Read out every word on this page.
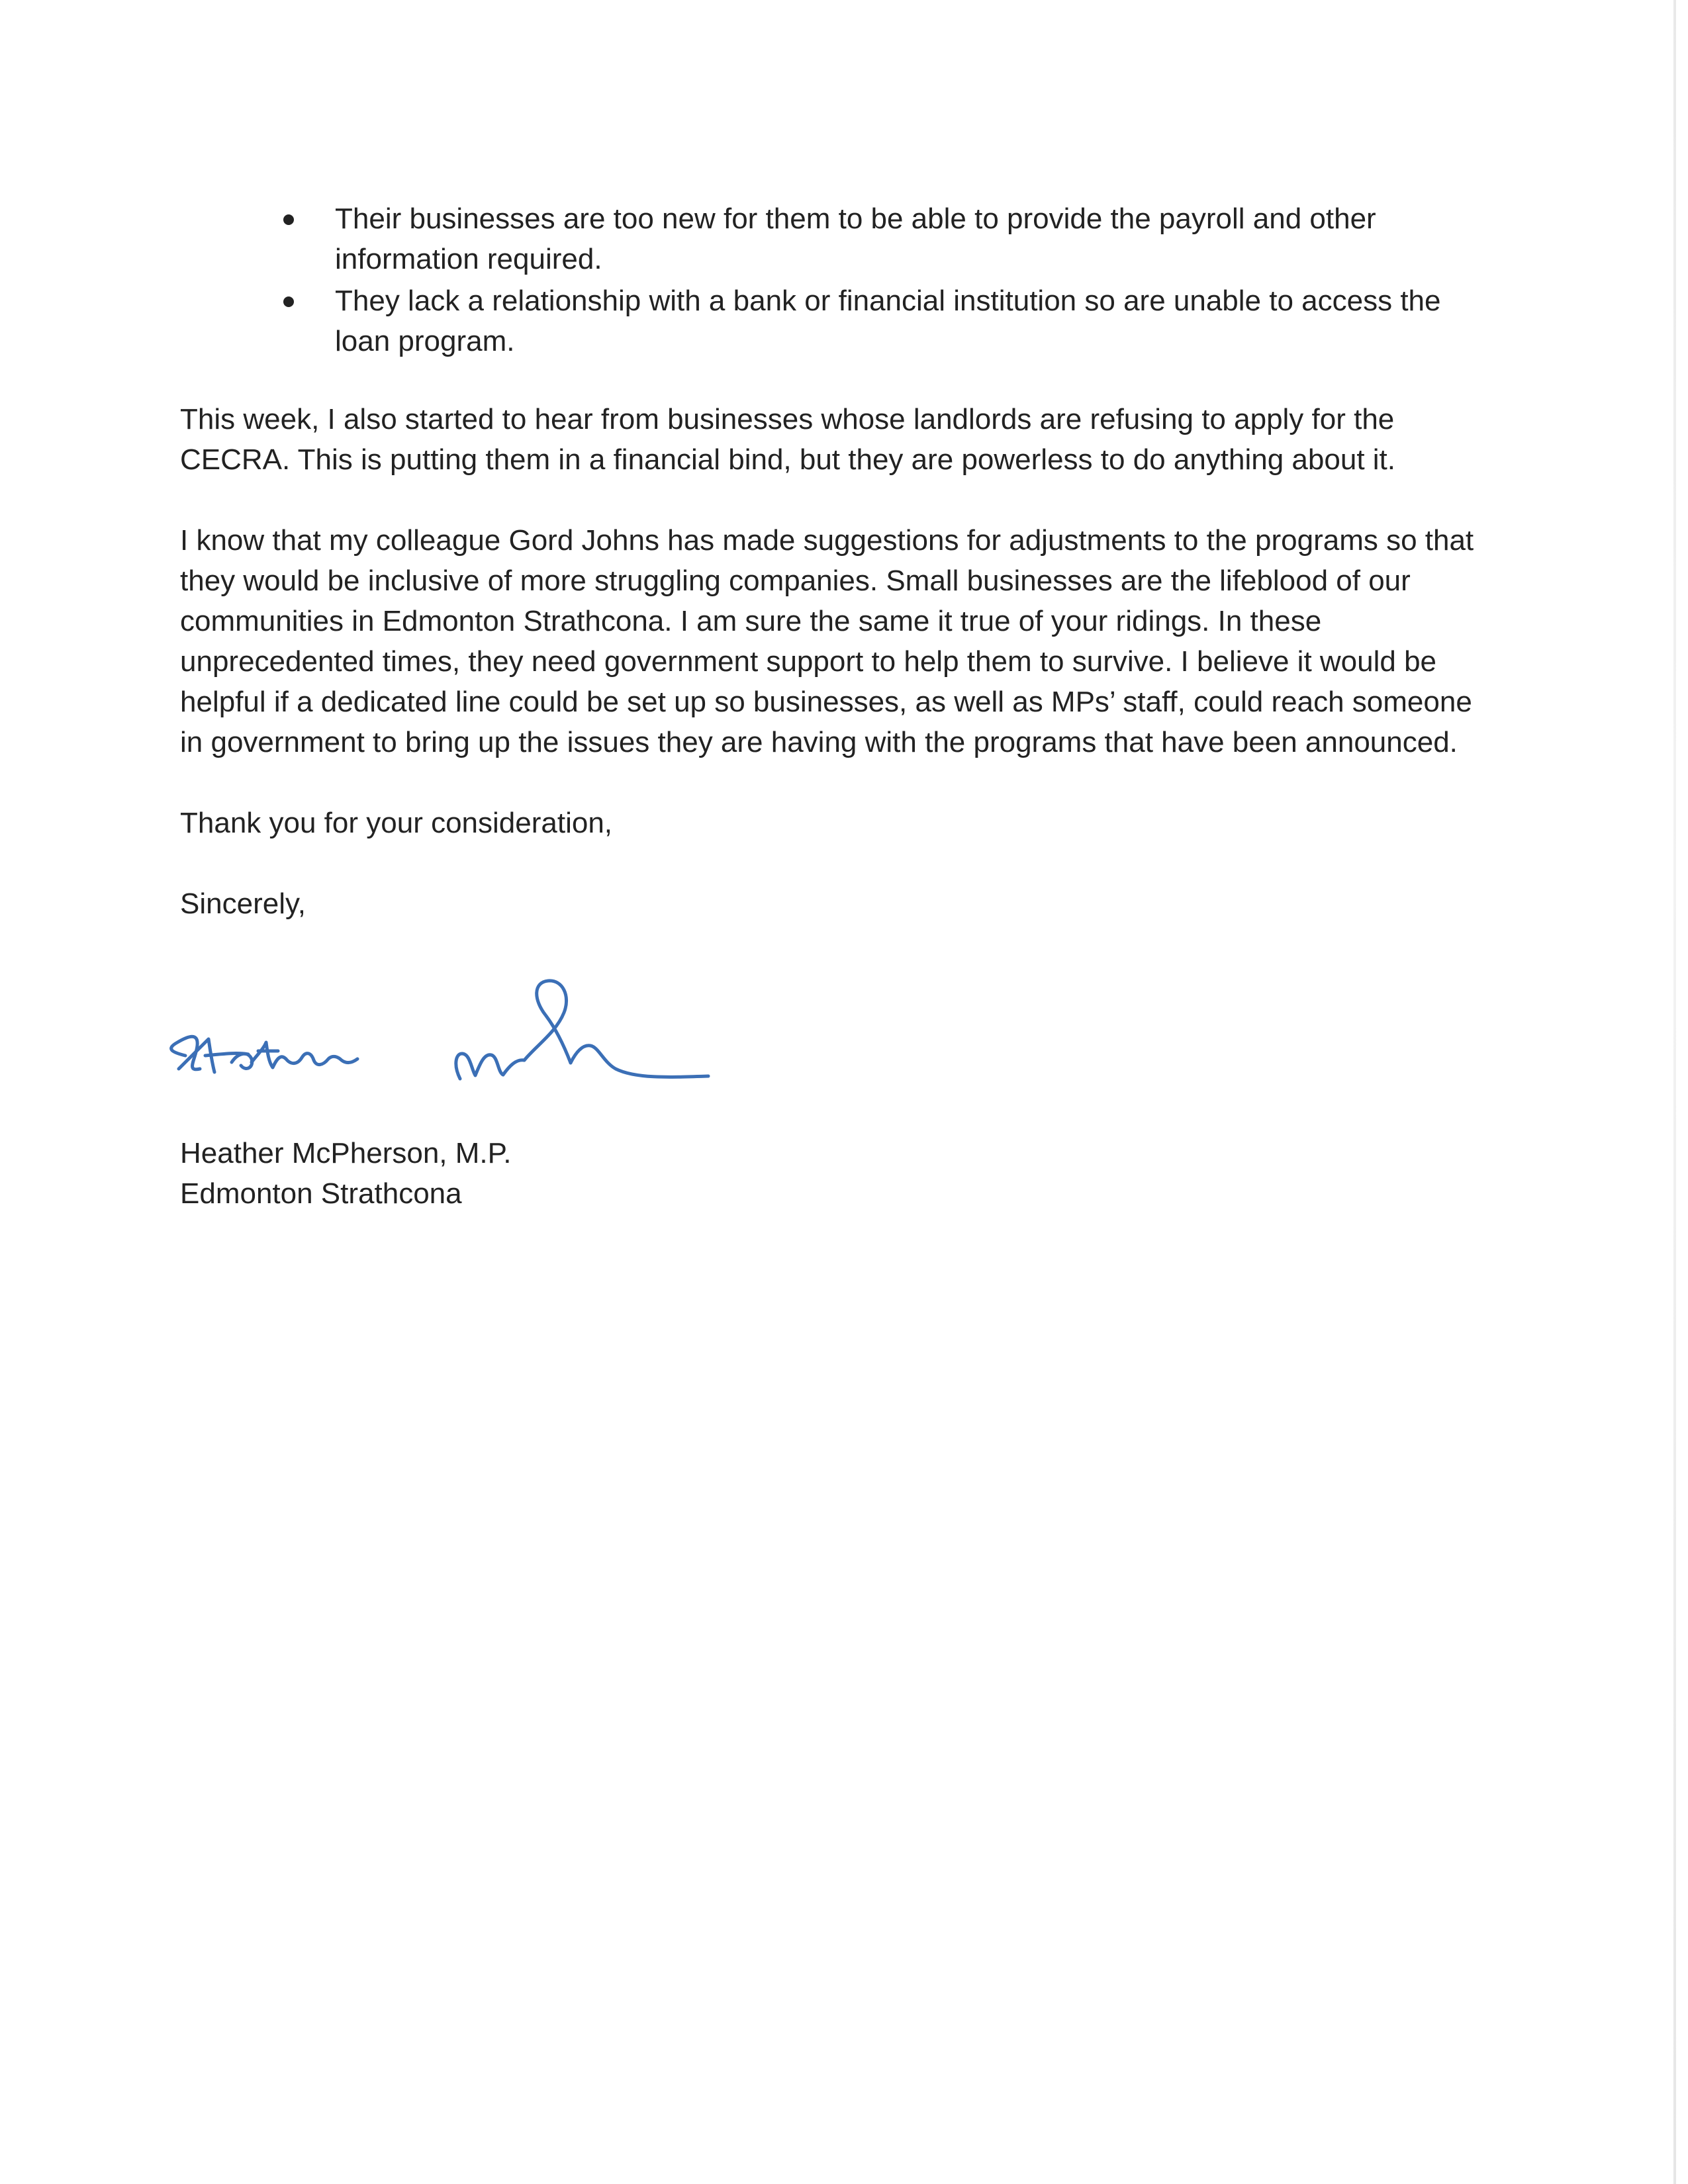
Their businesses are too new for them to be able to provide the payroll and other information required.
They lack a relationship with a bank or financial institution so are unable to access the loan program.

This week, I also started to hear from businesses whose landlords are refusing to apply for the CECRA. This is putting them in a financial bind, but they are powerless to do anything about it.

I know that my colleague Gord Johns has made suggestions for adjustments to the programs so that they would be inclusive of more struggling companies. Small businesses are the lifeblood of our communities in Edmonton Strathcona. I am sure the same it true of your ridings. In these unprecedented times, they need government support to help them to survive. I believe it would be helpful if a dedicated line could be set up so businesses, as well as MPs’ staff, could reach someone in government to bring up the issues they are having with the programs that have been announced.

Thank you for your consideration,

Sincerely,

Heather McPherson, M.P.
Edmonton Strathcona
